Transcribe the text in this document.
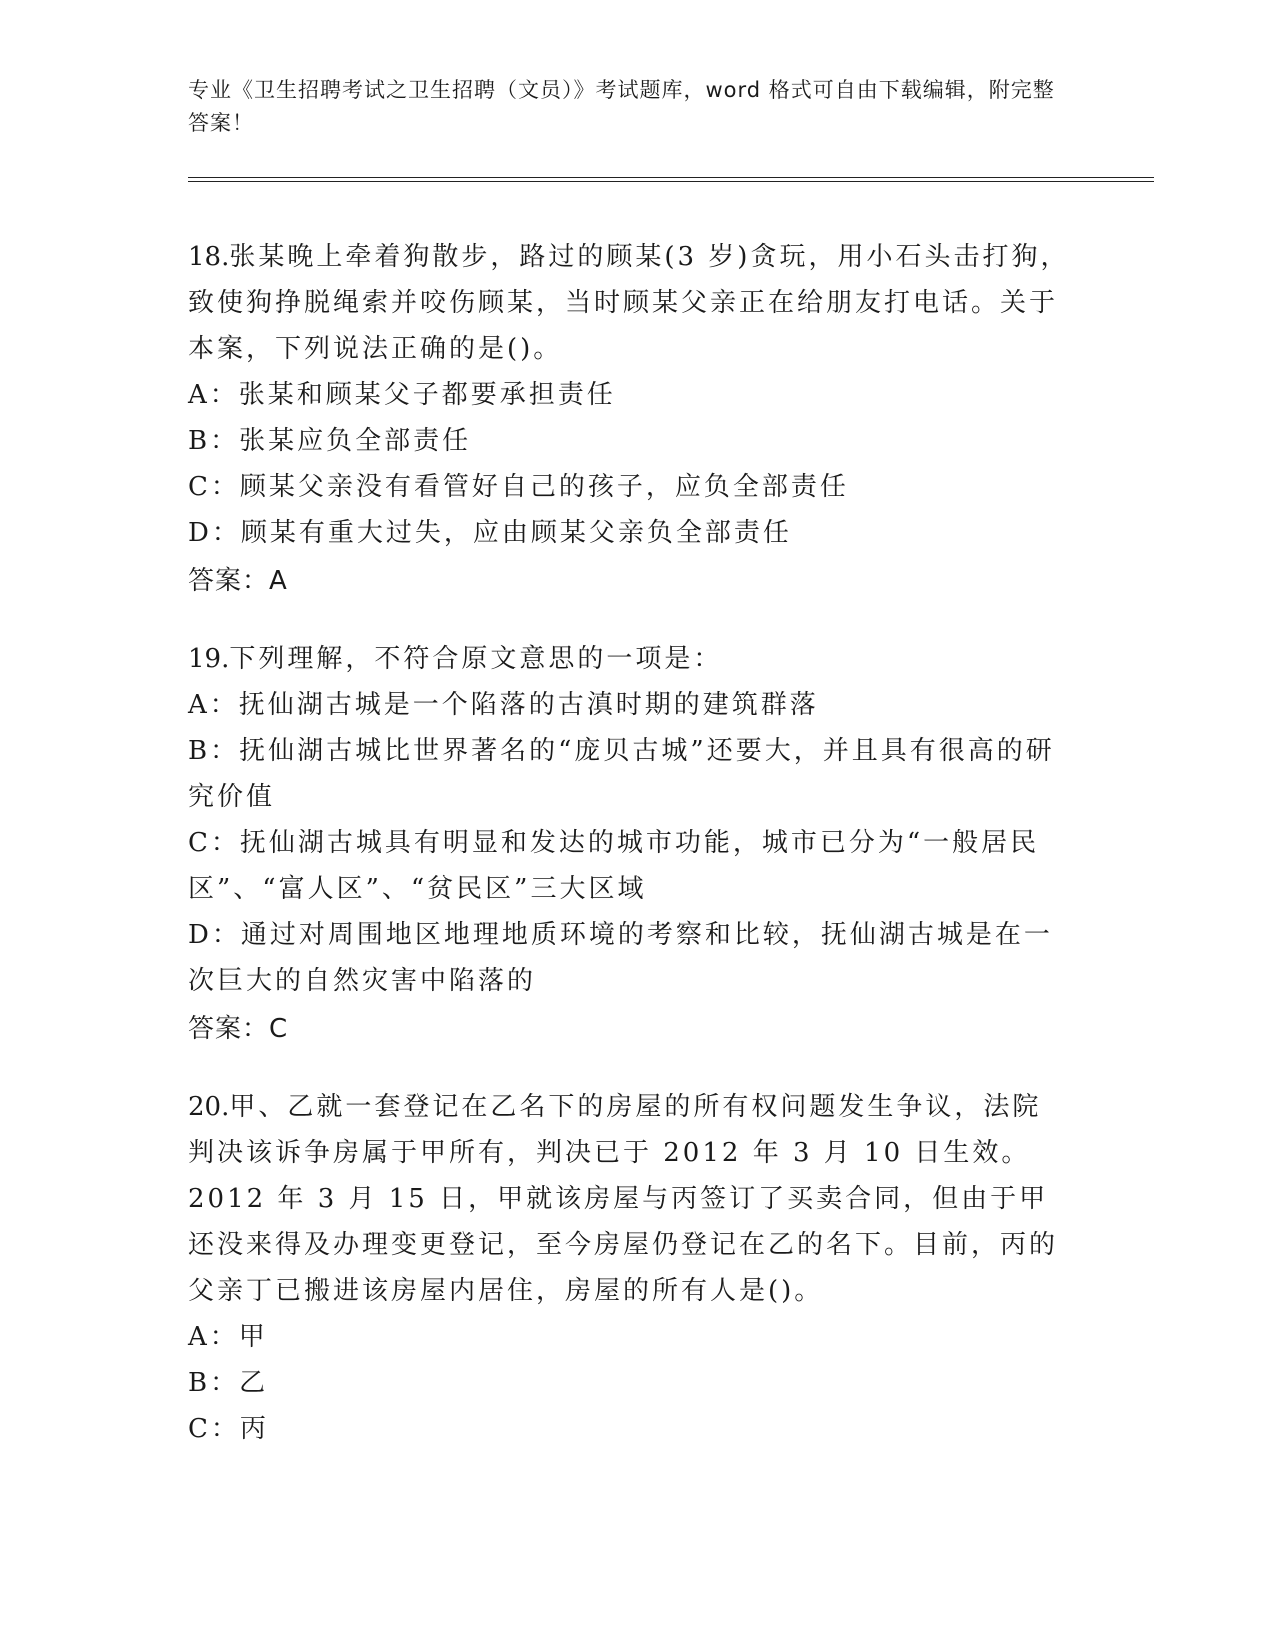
专业《卫生招聘考试之卫生招聘（文员）》考试题库，word 格式可自由下载编辑，附完整答案！
18.张某晚上牵着狗散步，路过的顾某(3 岁)贪玩，用小石头击打狗，致使狗挣脱绳索并咬伤顾某，当时顾某父亲正在给朋友打电话。关于本案，下列说法正确的是()。
A：张某和顾某父子都要承担责任
B：张某应负全部责任
C：顾某父亲没有看管好自己的孩子，应负全部责任
D：顾某有重大过失，应由顾某父亲负全部责任
答案：A
19.下列理解，不符合原文意思的一项是：
A：抚仙湖古城是一个陷落的古滇时期的建筑群落
B：抚仙湖古城比世界著名的“庞贝古城”还要大，并且具有很高的研究价值
C：抚仙湖古城具有明显和发达的城市功能，城市已分为“一般居民区”、“富人区”、“贫民区”三大区域
D：通过对周围地区地理地质环境的考察和比较，抚仙湖古城是在一次巨大的自然灾害中陷落的
答案：C
20.甲、乙就一套登记在乙名下的房屋的所有权问题发生争议，法院判决该诉争房属于甲所有，判决已于 2012 年 3 月 10 日生效。2012 年 3 月 15 日，甲就该房屋与丙签订了买卖合同，但由于甲还没来得及办理变更登记，至今房屋仍登记在乙的名下。目前，丙的父亲丁已搬进该房屋内居住，房屋的所有人是()。
A：甲
B：乙
C：丙
